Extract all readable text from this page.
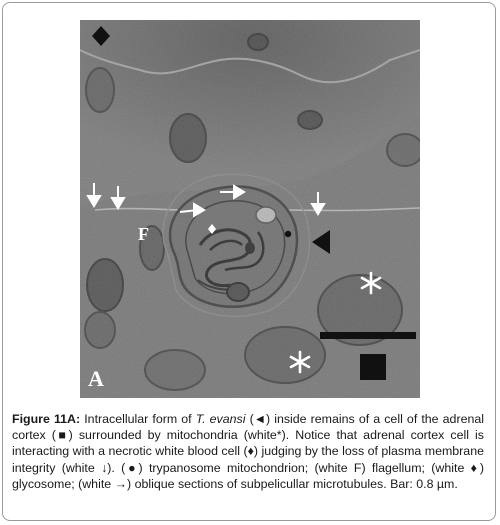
F
A

Figure 11A: Intracellular form of T. evansi (◄) inside remains of a cell of the adrenal cortex (■) surrounded by mitochondria (white*). Notice that adrenal cortex cell is interacting with a necrotic white blood cell (♦) judging by the loss of plasma membrane integrity (white ↓). (●) trypanosome mitochondrion; (white F) flagellum; (white ♦) glycosome; (white →) oblique sections of subpelicullar microtubules. Bar: 0.8 µm.
